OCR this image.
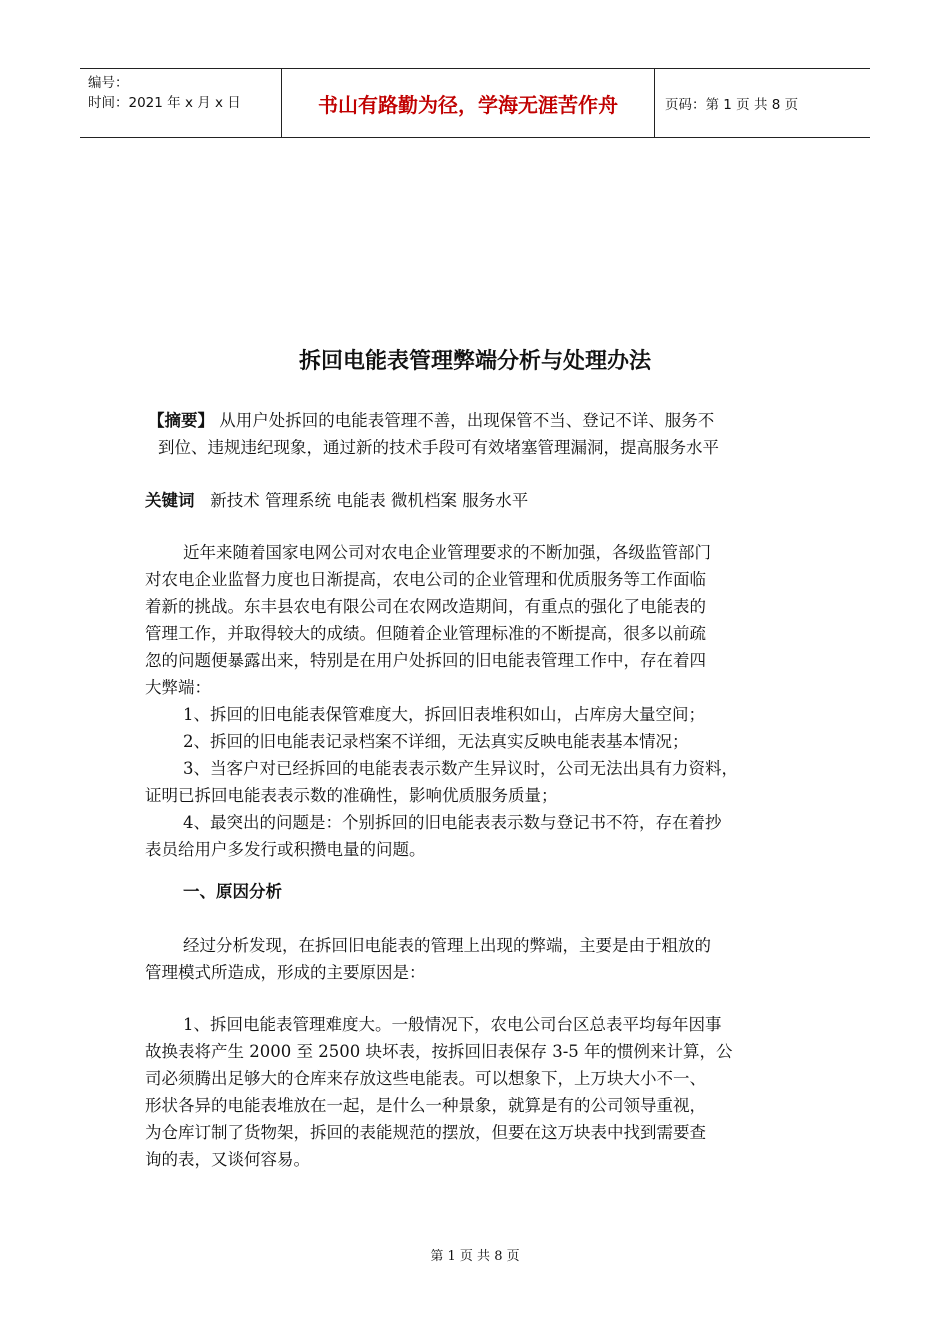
编号：
时间：2021 年 x 月 x 日	书山有路勤为径，学海无涯苦作舟	页码：第 1 页 共 8 页
拆回电能表管理弊端分析与处理办法
【摘要】 从用户处拆回的电能表管理不善，出现保管不当、登记不详、服务不
到位、违规违纪现象，通过新的技术手段可有效堵塞管理漏洞，提高服务水平
关键词 新技术 管理系统 电能表 微机档案 服务水平
近年来随着国家电网公司对农电企业管理要求的不断加强，各级监管部门
对农电企业监督力度也日渐提高，农电公司的企业管理和优质服务等工作面临
着新的挑战。东丰县农电有限公司在农网改造期间，有重点的强化了电能表的
管理工作，并取得较大的成绩。但随着企业管理标准的不断提高，很多以前疏
忽的问题便暴露出来，特别是在用户处拆回的旧电能表管理工作中，存在着四
大弊端：
1、拆回的旧电能表保管难度大，拆回旧表堆积如山，占库房大量空间；
2、拆回的旧电能表记录档案不详细，无法真实反映电能表基本情况；
3、当客户对已经拆回的电能表表示数产生异议时，公司无法出具有力资料，
证明已拆回电能表表示数的准确性，影响优质服务质量；
4、最突出的问题是：个别拆回的旧电能表表示数与登记书不符，存在着抄
表员给用户多发行或积攒电量的问题。
一、原因分析
经过分析发现，在拆回旧电能表的管理上出现的弊端，主要是由于粗放的
管理模式所造成，形成的主要原因是：
1、拆回电能表管理难度大。一般情况下，农电公司台区总表平均每年因事
故换表将产生 2000 至 2500 块坏表，按拆回旧表保存 3-5 年的惯例来计算，公
司必须腾出足够大的仓库来存放这些电能表。可以想象下，上万块大小不一、
形状各异的电能表堆放在一起，是什么一种景象，就算是有的公司领导重视，
为仓库订制了货物架，拆回的表能规范的摆放，但要在这万块表中找到需要查
询的表，又谈何容易。
第 1 页 共 8 页
